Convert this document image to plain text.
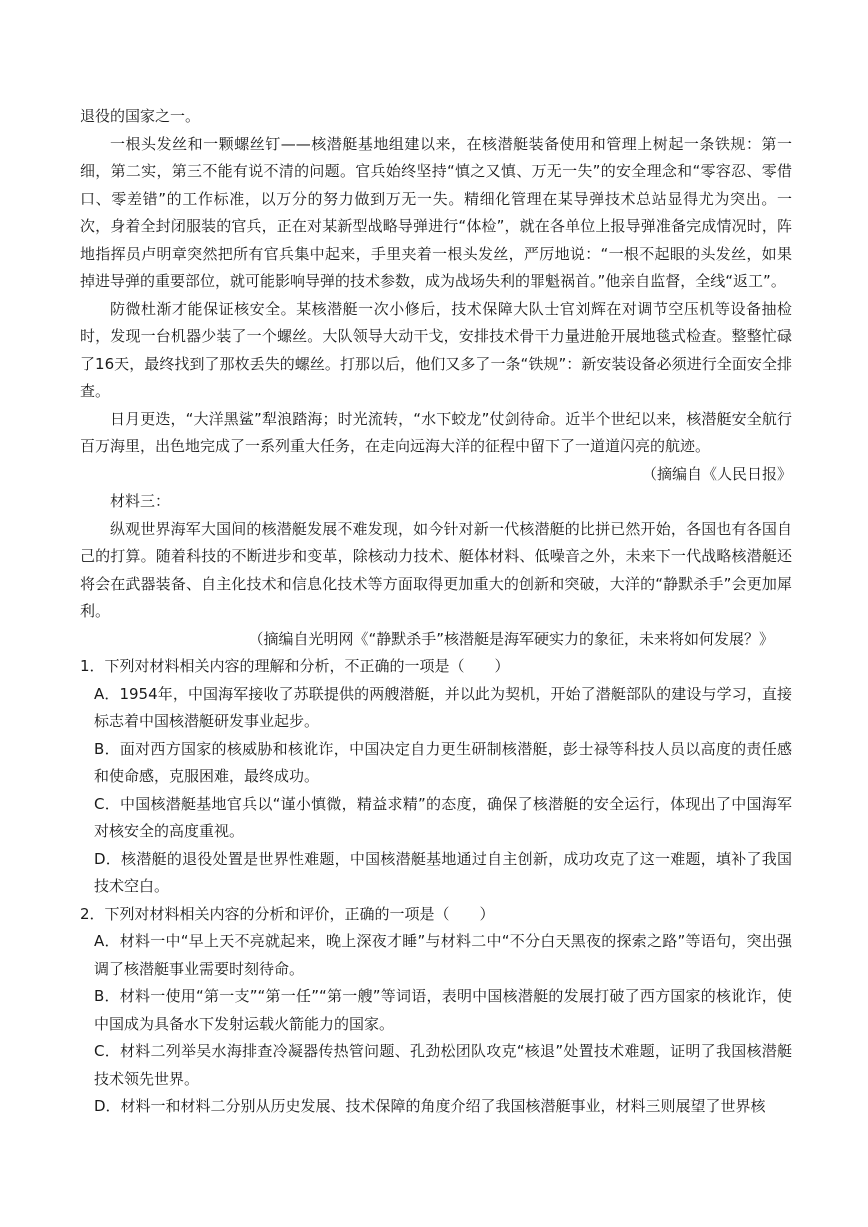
退役的国家之一。

一根头发丝和一颗螺丝钉——核潜艇基地组建以来，在核潜艇装备使用和管理上树起一条铁规：第一细，第二实，第三不能有说不清的问题。官兵始终坚持“慎之又慎、万无一失”的安全理念和“零容忍、零借口、零差错”的工作标准，以万分的努力做到万无一失。精细化管理在某导弹技术总站显得尤为突出。一次，身着全封闭服装的官兵，正在对某新型战略导弹进行“体检”，就在各单位上报导弹准备完成情况时，阵地指挥员卢明章突然把所有官兵集中起来，手里夹着一根头发丝，严厉地说：“一根不起眼的头发丝，如果掉进导弹的重要部位，就可能影响导弹的技术参数，成为战场失利的罪魁祸首。”他亲自监督，全线“返工”。

防微杜渐才能保证核安全。某核潜艇一次小修后，技术保障大队士官刘辉在对调节空压机等设备抽检时，发现一台机器少装了一个螺丝。大队领导大动干戈，安排技术骨干力量进舱开展地毯式检查。整整忙碌了16天，最终找到了那枚丢失的螺丝。打那以后，他们又多了一条“铁规”：新安装设备必须进行全面安全排查。

日月更迭，“大洋黑鲨”犁浪踏海；时光流转，“水下蛟龙”仗剑待命。近半个世纪以来，核潜艇安全航行百万海里，出色地完成了一系列重大任务，在走向远海大洋的征程中留下了一道道闪亮的航迹。

（摘编自《人民日报》

材料三：

纵观世界海军大国间的核潜艇发展不难发现，如今针对新一代核潜艇的比拼已然开始，各国也有各国自己的打算。随着科技的不断进步和变革，除核动力技术、艇体材料、低噪音之外，未来下一代战略核潜艇还将会在武器装备、自主化技术和信息化技术等方面取得更加重大的创新和突破，大洋的“静默杀手”会更加犀利。

（摘编自光明网《“静默杀手”核潜艇是海军硬实力的象征，未来将如何发展？》

1．下列对材料相关内容的理解和分析，不正确的一项是（　　）

A．1954年，中国海军接收了苏联提供的两艘潜艇，并以此为契机，开始了潜艇部队的建设与学习，直接标志着中国核潜艇研发事业起步。

B．面对西方国家的核威胁和核讹诈，中国决定自力更生研制核潜艇，彭士禄等科技人员以高度的责任感和使命感，克服困难，最终成功。

C．中国核潜艇基地官兵以“谨小慎微，精益求精”的态度，确保了核潜艇的安全运行，体现出了中国海军对核安全的高度重视。

D．核潜艇的退役处置是世界性难题，中国核潜艇基地通过自主创新，成功攻克了这一难题，填补了我国技术空白。

2．下列对材料相关内容的分析和评价，正确的一项是（　　）

A．材料一中“早上天不亮就起来，晚上深夜才睡”与材料二中“不分白天黑夜的探索之路”等语句，突出强调了核潜艇事业需要时刻待命。

B．材料一使用“第一支”“第一任”“第一艘”等词语，表明中国核潜艇的发展打破了西方国家的核讹诈，使中国成为具备水下发射运载火箭能力的国家。

C．材料二列举吴水海排查冷凝器传热管问题、孔劲松团队攻克“核退”处置技术难题，证明了我国核潜艇技术领先世界。

D．材料一和材料二分别从历史发展、技术保障的角度介绍了我国核潜艇事业，材料三则展望了世界核
